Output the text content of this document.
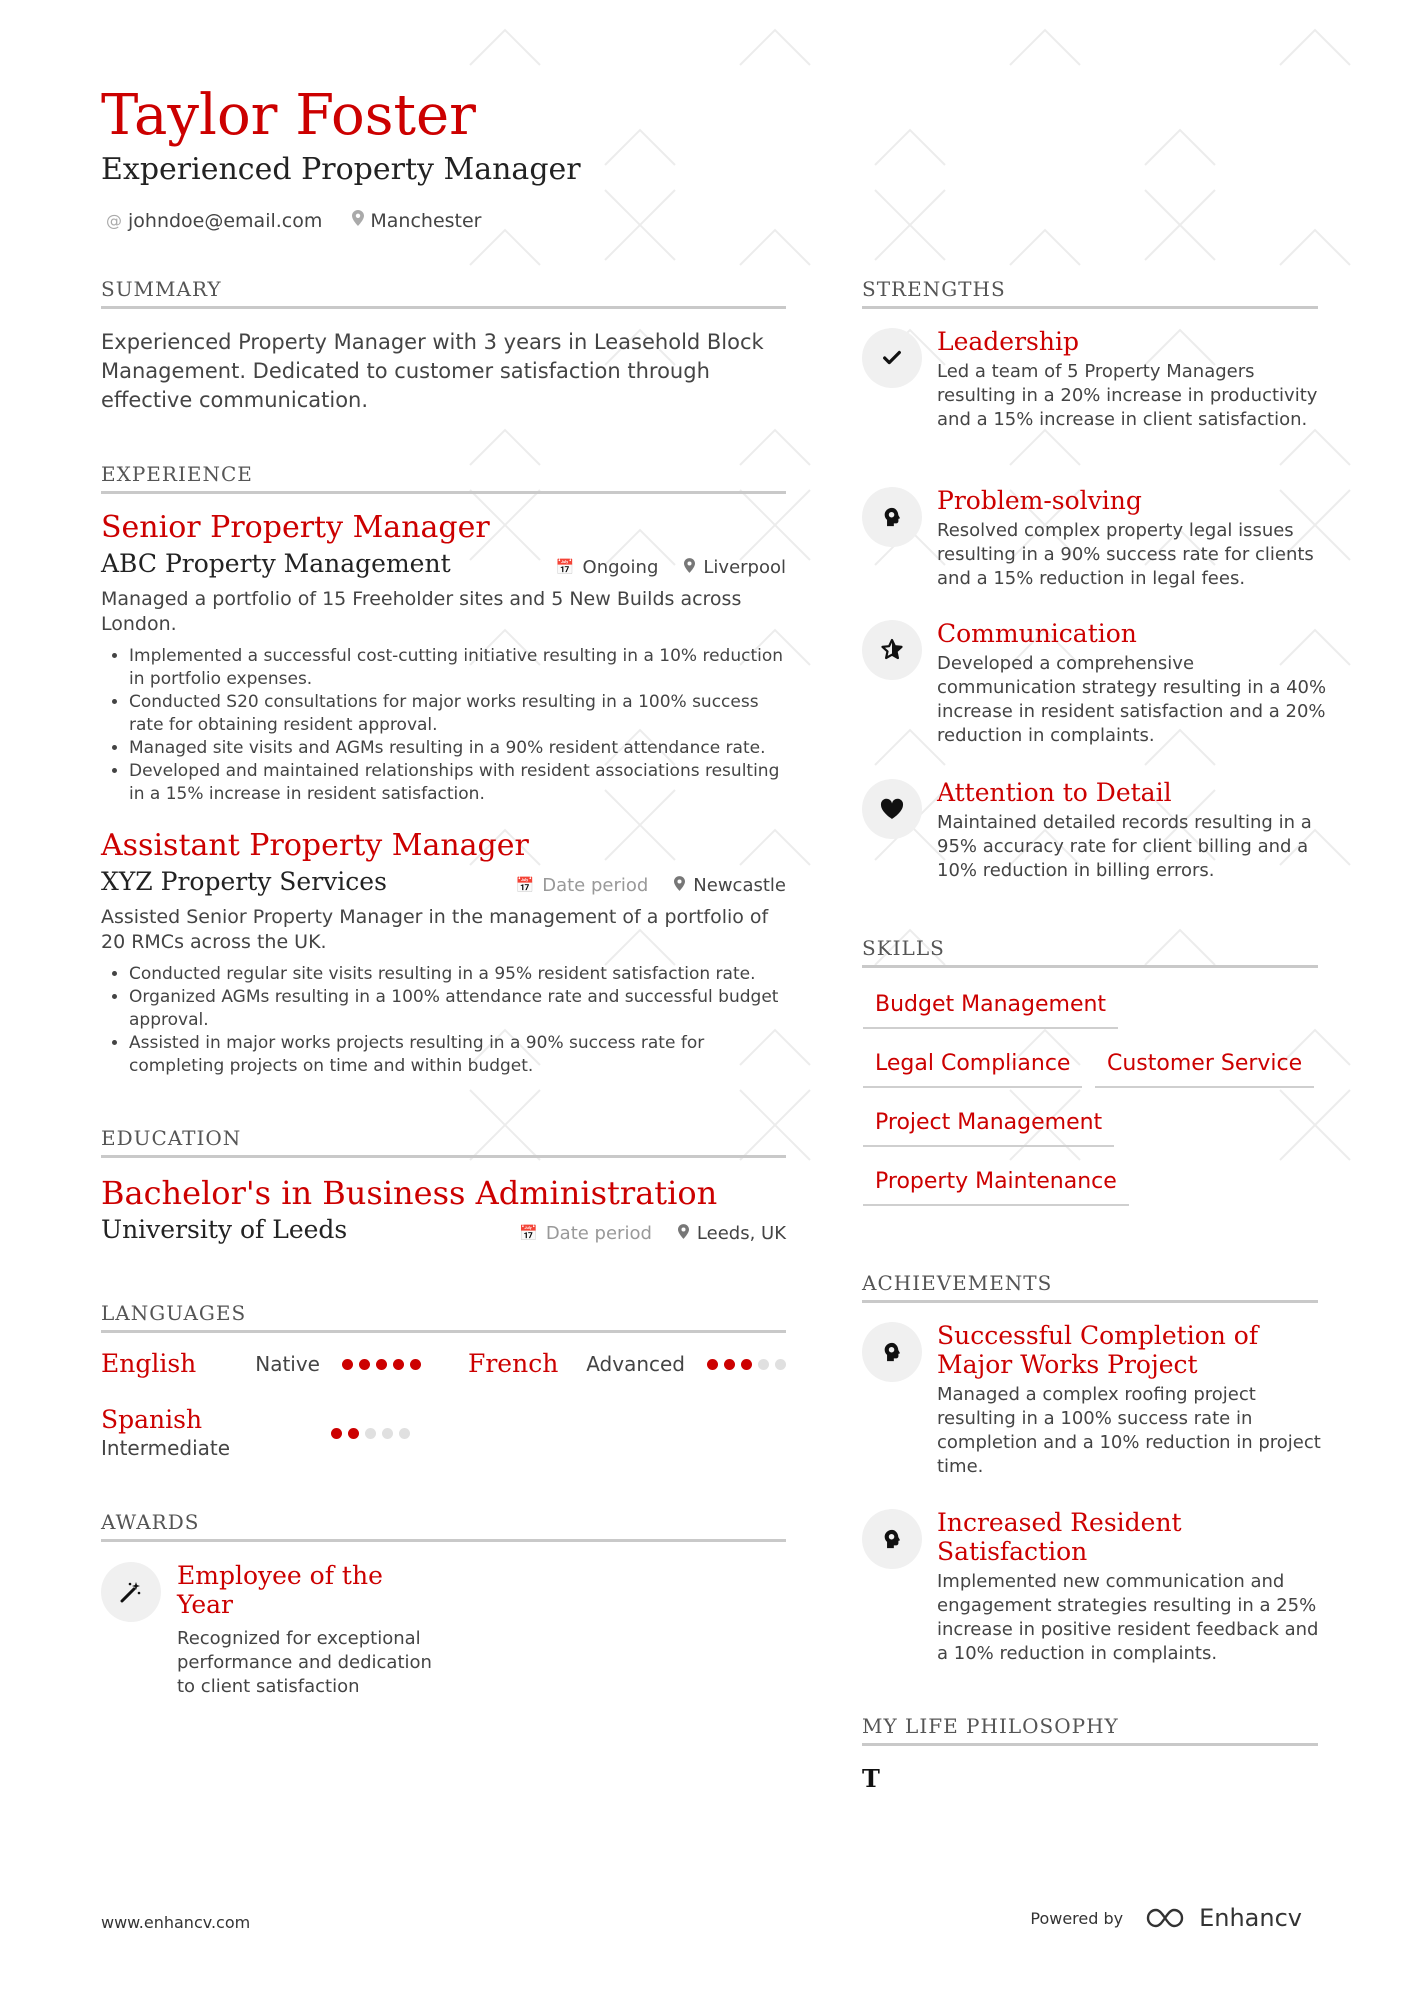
Taylor Foster
Experienced Property Manager
@ johndoe@email.com	Manchester
SUMMARY
Experienced Property Manager with 3 years in Leasehold Block Management. Dedicated to customer satisfaction through effective communication.
EXPERIENCE
Senior Property Manager
ABC Property Management	📅 Ongoing	Liverpool
Managed a portfolio of 15 Freeholder sites and 5 New Builds across London.
• Implemented a successful cost-cutting initiative resulting in a 10% reduction in portfolio expenses.
• Conducted S20 consultations for major works resulting in a 100% success rate for obtaining resident approval.
• Managed site visits and AGMs resulting in a 90% resident attendance rate.
• Developed and maintained relationships with resident associations resulting in a 15% increase in resident satisfaction.
Assistant Property Manager
XYZ Property Services	📅 Date period	Newcastle
Assisted Senior Property Manager in the management of a portfolio of 20 RMCs across the UK.
• Conducted regular site visits resulting in a 95% resident satisfaction rate.
• Organized AGMs resulting in a 100% attendance rate and successful budget approval.
• Assisted in major works projects resulting in a 90% success rate for completing projects on time and within budget.
EDUCATION
Bachelor's in Business Administration
University of Leeds	📅 Date period	Leeds, UK
LANGUAGES
English	Native	French Advanced
Spanish
Intermediate
AWARDS
Employee of the Year
Recognized for exceptional performance and dedication to client satisfaction
STRENGTHS
Leadership
Led a team of 5 Property Managers resulting in a 20% increase in productivity and a 15% increase in client satisfaction.
Problem-solving
Resolved complex property legal issues resulting in a 90% success rate for clients and a 15% reduction in legal fees.
Communication
Developed a comprehensive communication strategy resulting in a 40% increase in resident satisfaction and a 20% reduction in complaints.
Attention to Detail
Maintained detailed records resulting in a 95% accuracy rate for client billing and a 10% reduction in billing errors.
SKILLS
Budget Management
Legal Compliance	Customer Service
Project Management
Property Maintenance
ACHIEVEMENTS
Successful Completion of Major Works Project
Managed a complex roofing project resulting in a 100% success rate in completion and a 10% reduction in project time.
Increased Resident Satisfaction
Implemented new communication and engagement strategies resulting in a 25% increase in positive resident feedback and a 10% reduction in complaints.
MY LIFE PHILOSOPHY
T
www.enhancv.com	Powered by	Enhancv
